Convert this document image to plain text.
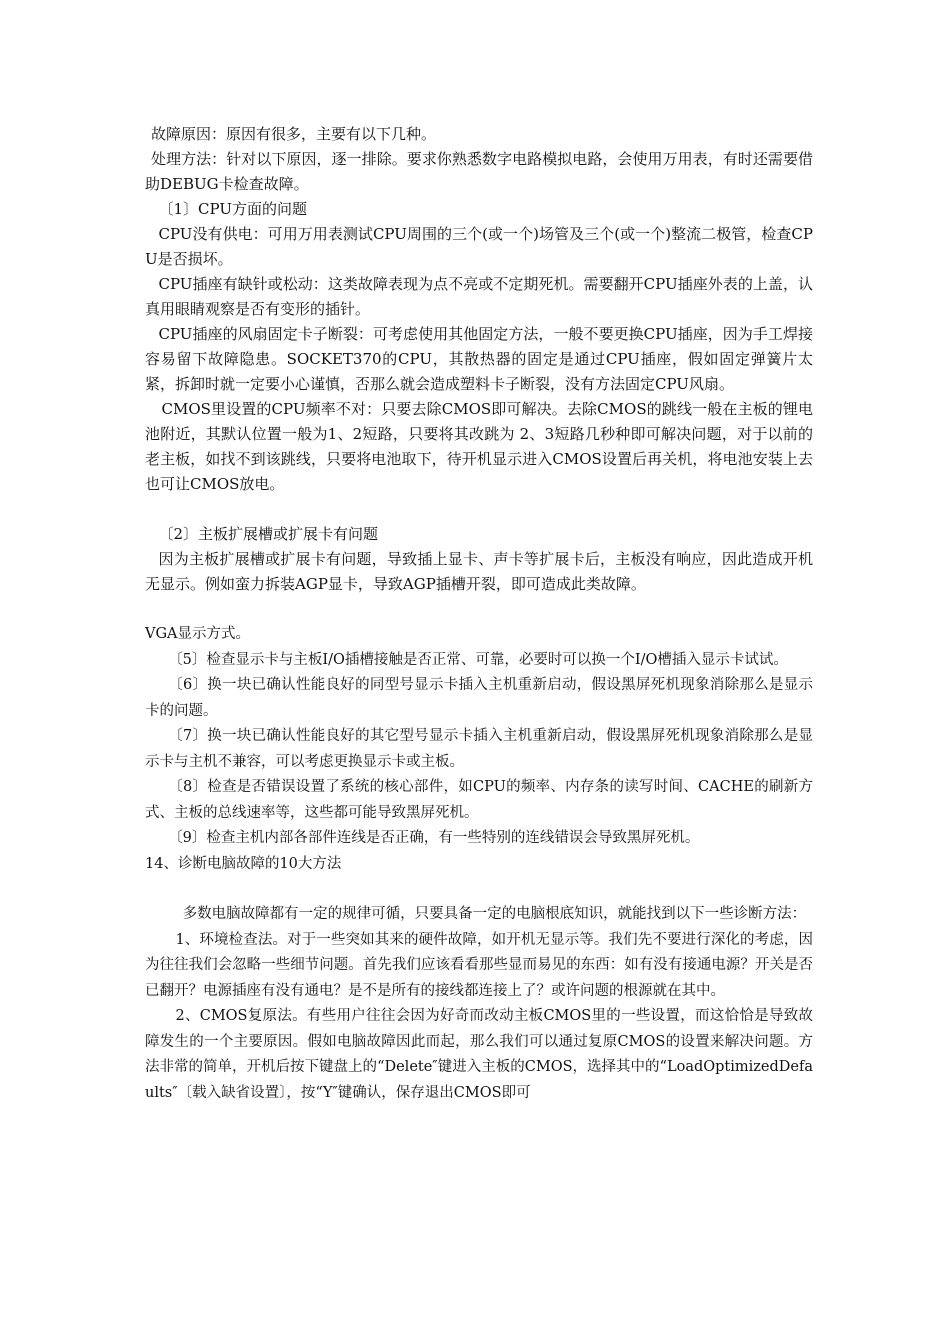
故障原因：原因有很多，主要有以下几种。

处理方法：针对以下原因，逐一排除。要求你熟悉数字电路模拟电路，会使用万用表，有时还需要借助DEBUG卡检查故障。

〔1〕CPU方面的问题

CPU没有供电：可用万用表测试CPU周围的三个(或一个)场管及三个(或一个)整流二极管，检查CPU是否损坏。

CPU插座有缺针或松动：这类故障表现为点不亮或不定期死机。需要翻开CPU插座外表的上盖，认真用眼睛观察是否有变形的插针。

CPU插座的风扇固定卡子断裂：可考虑使用其他固定方法，一般不要更换CPU插座，因为手工焊接容易留下故障隐患。SOCKET370的CPU，其散热器的固定是通过CPU插座，假如固定弹簧片太紧，拆卸时就一定要小心谨慎，否那么就会造成塑料卡子断裂，没有方法固定CPU风扇。

CMOS里设置的CPU频率不对：只要去除CMOS即可解决。去除CMOS的跳线一般在主板的锂电池附近，其默认位置一般为1、2短路，只要将其改跳为 2、3短路几秒种即可解决问题，对于以前的老主板，如找不到该跳线，只要将电池取下，待开机显示进入CMOS设置后再关机，将电池安装上去也可让CMOS放电。

〔2〕主板扩展槽或扩展卡有问题

因为主板扩展槽或扩展卡有问题，导致插上显卡、声卡等扩展卡后，主板没有响应，因此造成开机无显示。例如蛮力拆装AGP显卡，导致AGP插槽开裂，即可造成此类故障。

VGA显示方式。

〔5〕检查显示卡与主板I/O插槽接触是否正常、可靠，必要时可以换一个I/O槽插入显示卡试试。

〔6〕换一块已确认性能良好的同型号显示卡插入主机重新启动，假设黑屏死机现象消除那么是显示卡的问题。

〔7〕换一块已确认性能良好的其它型号显示卡插入主机重新启动，假设黑屏死机现象消除那么是显示卡与主机不兼容，可以考虑更换显示卡或主板。

〔8〕检查是否错误设置了系统的核心部件，如CPU的频率、内存条的读写时间、CACHE的刷新方式、主板的总线速率等，这些都可能导致黑屏死机。

〔9〕检查主机内部各部件连线是否正确，有一些特别的连线错误会导致黑屏死机。

14、诊断电脑故障的10大方法

多数电脑故障都有一定的规律可循，只要具备一定的电脑根底知识，就能找到以下一些诊断方法：

1、环境检查法。对于一些突如其来的硬件故障，如开机无显示等。我们先不要进行深化的考虑，因为往往我们会忽略一些细节问题。首先我们应该看看那些显而易见的东西：如有没有接通电源？开关是否已翻开？电源插座有没有通电？是不是所有的接线都连接上了？或许问题的根源就在其中。

2、CMOS复原法。有些用户往往会因为好奇而改动主板CMOS里的一些设置，而这恰恰是导致故障发生的一个主要原因。假如电脑故障因此而起，那么我们可以通过复原CMOS的设置来解决问题。方法非常的简单，开机后按下键盘上的“Delete″键进入主板的CMOS，选择其中的“LoadOptimizedDefaults″〔载入缺省设置〕，按“Y″键确认，保存退出CMOS即可
